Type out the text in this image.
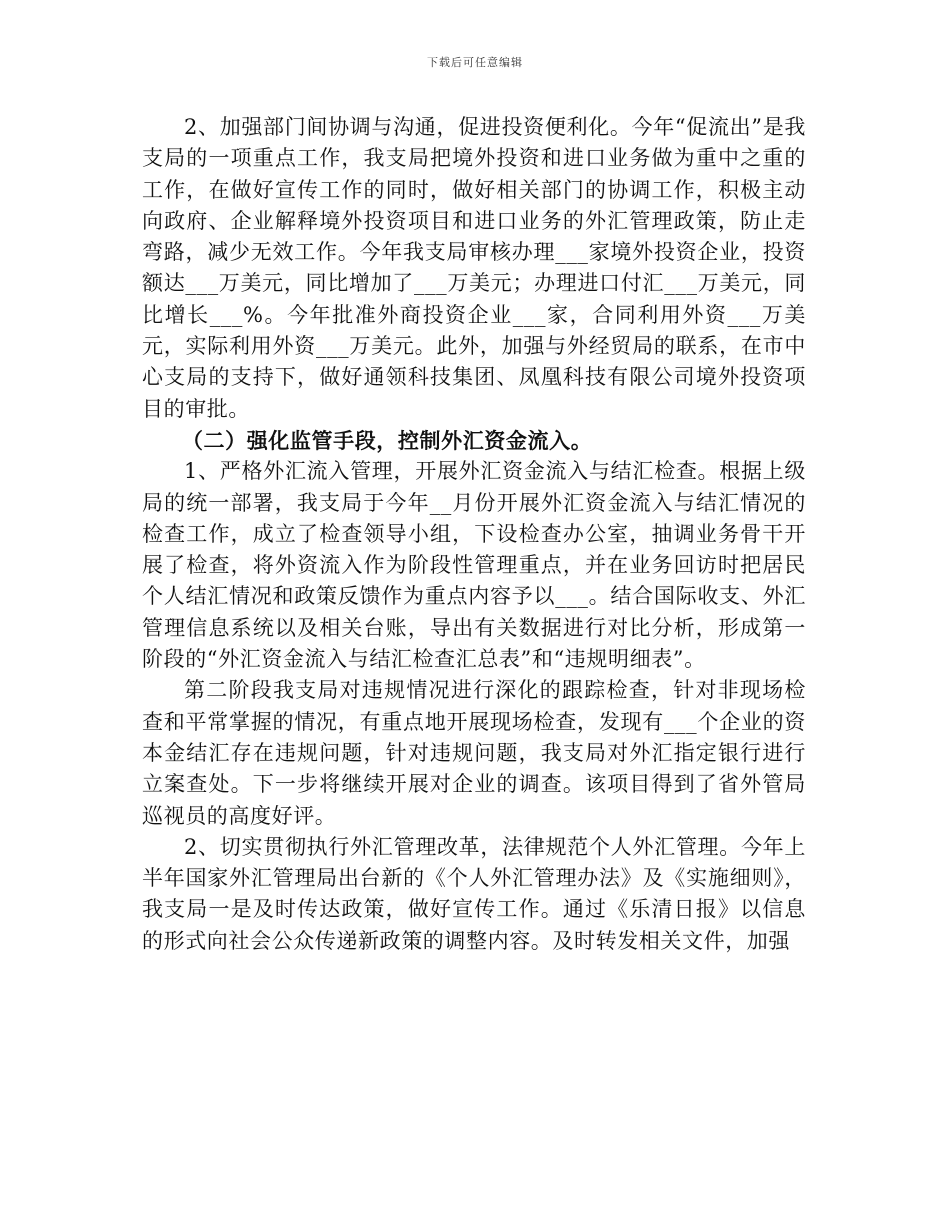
下载后可任意编辑

2、加强部门间协调与沟通，促进投资便利化。今年“促流出”是我支局的一项重点工作，我支局把境外投资和进口业务做为重中之重的工作，在做好宣传工作的同时，做好相关部门的协调工作，积极主动向政府、企业解释境外投资项目和进口业务的外汇管理政策，防止走弯路，减少无效工作。今年我支局审核办理___家境外投资企业，投资额达___万美元，同比增加了___万美元；办理进口付汇___万美元，同比增长___%。今年批准外商投资企业___家，合同利用外资___万美元，实际利用外资___万美元。此外，加强与外经贸局的联系，在市中心支局的支持下，做好通领科技集团、凤凰科技有限公司境外投资项目的审批。

（二）强化监管手段，控制外汇资金流入。

1、严格外汇流入管理，开展外汇资金流入与结汇检查。根据上级局的统一部署，我支局于今年__月份开展外汇资金流入与结汇情况的检查工作，成立了检查领导小组，下设检查办公室，抽调业务骨干开展了检查，将外资流入作为阶段性管理重点，并在业务回访时把居民个人结汇情况和政策反馈作为重点内容予以___。结合国际收支、外汇管理信息系统以及相关台账，导出有关数据进行对比分析，形成第一阶段的“外汇资金流入与结汇检查汇总表”和“违规明细表”。

第二阶段我支局对违规情况进行深化的跟踪检查，针对非现场检查和平常掌握的情况，有重点地开展现场检查，发现有___个企业的资本金结汇存在违规问题，针对违规问题，我支局对外汇指定银行进行立案查处。下一步将继续开展对企业的调查。该项目得到了省外管局巡视员的高度好评。

2、切实贯彻执行外汇管理改革，法律规范个人外汇管理。今年上半年国家外汇管理局出台新的《个人外汇管理办法》及《实施细则》，我支局一是及时传达政策，做好宣传工作。通过《乐清日报》以信息的形式向社会公众传递新政策的调整内容。及时转发相关文件，加强
